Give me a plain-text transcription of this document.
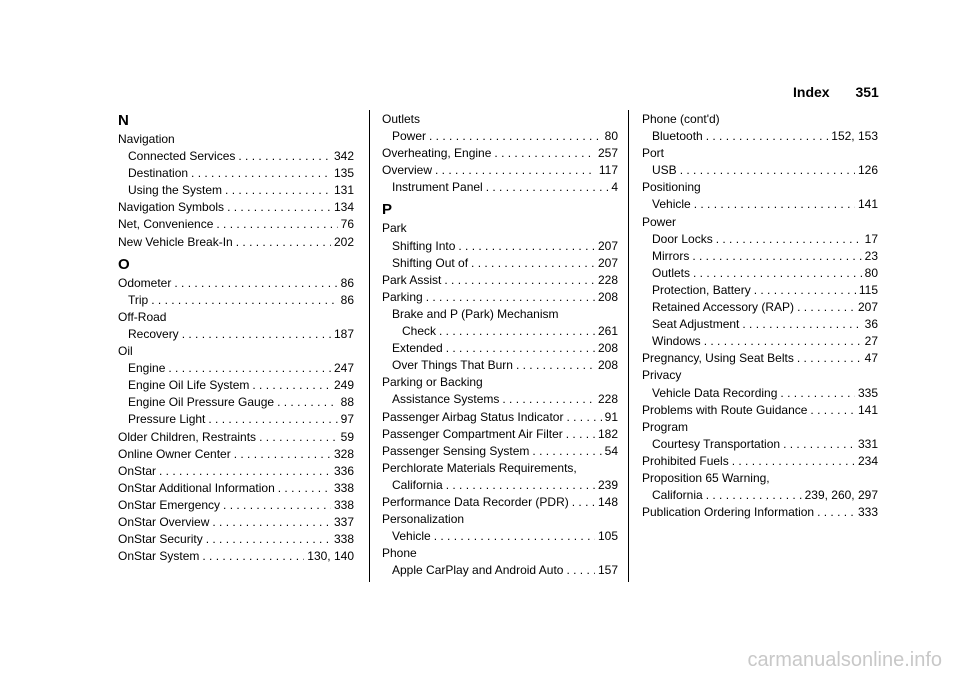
Index 351
N
Navigation
Connected Services . . .	342
Destination . . .	135
Using the System . . .	131
Navigation Symbols . . .	134
Net, Convenience . . .	76
New Vehicle Break-In . . .	202
O
Odometer . . .	86
Trip . . .	86
Off-Road
Recovery . . .	187
Oil
Engine . . .	247
Engine Oil Life System . . .	249
Engine Oil Pressure Gauge . . .	88
Pressure Light . . .	97
Older Children, Restraints . . .	59
Online Owner Center . . .	328
OnStar . . .	336
OnStar Additional Information . . .	338
OnStar Emergency . . .	338
OnStar Overview . . .	337
OnStar Security . . .	338
OnStar System . . .	130, 140
Outlets
Power . . .	80
Overheating, Engine . . .	257
Overview . . .	117
Instrument Panel . . .	4
P
Park
Shifting Into . . .	207
Shifting Out of . . .	207
Park Assist . . .	228
Parking . . .	208
Brake and P (Park) Mechanism
Check . . .	261
Extended . . .	208
Over Things That Burn . . .	208
Parking or Backing
Assistance Systems . . .	228
Passenger Airbag Status Indicator . . .	91
Passenger Compartment Air Filter . . .	182
Passenger Sensing System . . .	54
Perchlorate Materials Requirements,
California . . .	239
Performance Data Recorder (PDR) . . . 148
Personalization
Vehicle . . .	105
Phone
Apple CarPlay and Android Auto . . .	157
Phone (cont'd)
Bluetooth . . .	152, 153
Port
USB . . .	126
Positioning
Vehicle . . .	141
Power
Door Locks . . .	17
Mirrors . . .	23
Outlets . . .	80
Protection, Battery . . .	115
Retained Accessory (RAP) . . .	207
Seat Adjustment . . .	36
Windows . . .	27
Pregnancy, Using Seat Belts . . .	47
Privacy
Vehicle Data Recording . . .	335
Problems with Route Guidance . . .	141
Program
Courtesy Transportation . . .	331
Prohibited Fuels . . .	234
Proposition 65 Warning,
California . . .	239, 260, 297
Publication Ordering Information . . .	333
carmanualsonline.info
